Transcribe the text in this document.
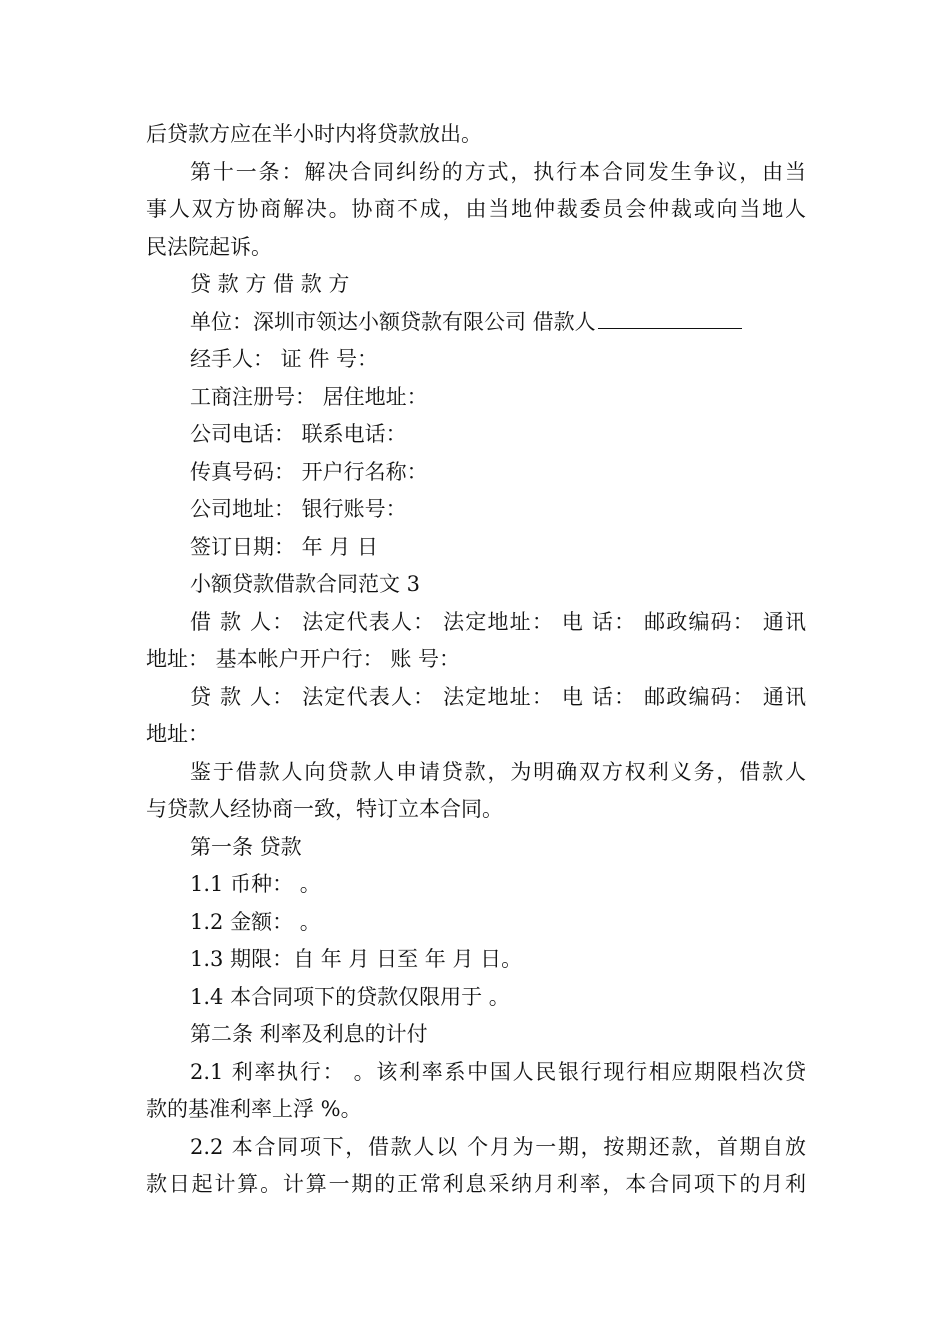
后贷款方应在半小时内将贷款放出。
第十一条：解决合同纠纷的方式，执行本合同发生争议，由当
事人双方协商解决。协商不成，由当地仲裁委员会仲裁或向当地人
民法院起诉。
贷 款 方 借 款 方
单位：深圳市领达小额贷款有限公司 借款人
经手人： 证 件 号：
工商注册号： 居住地址：
公司电话： 联系电话：
传真号码： 开户行名称：
公司地址： 银行账号：
签订日期： 年 月 日
小额贷款借款合同范文 3
借 款 人： 法定代表人： 法定地址： 电 话： 邮政编码： 通讯
地址： 基本帐户开户行： 账 号：
贷 款 人： 法定代表人： 法定地址： 电 话： 邮政编码： 通讯
地址：
鉴于借款人向贷款人申请贷款，为明确双方权利义务，借款人
与贷款人经协商一致，特订立本合同。
第一条 贷款
1.1 币种： 。
1.2 金额： 。
1.3 期限：自 年 月 日至 年 月 日。
1.4 本合同项下的贷款仅限用于 。
第二条 利率及利息的计付
2.1 利率执行： 。该利率系中国人民银行现行相应期限档次贷
款的基准利率上浮 %。
2.2 本合同项下，借款人以 个月为一期，按期还款，首期自放
款日起计算。计算一期的正常利息采纳月利率，本合同项下的月利
